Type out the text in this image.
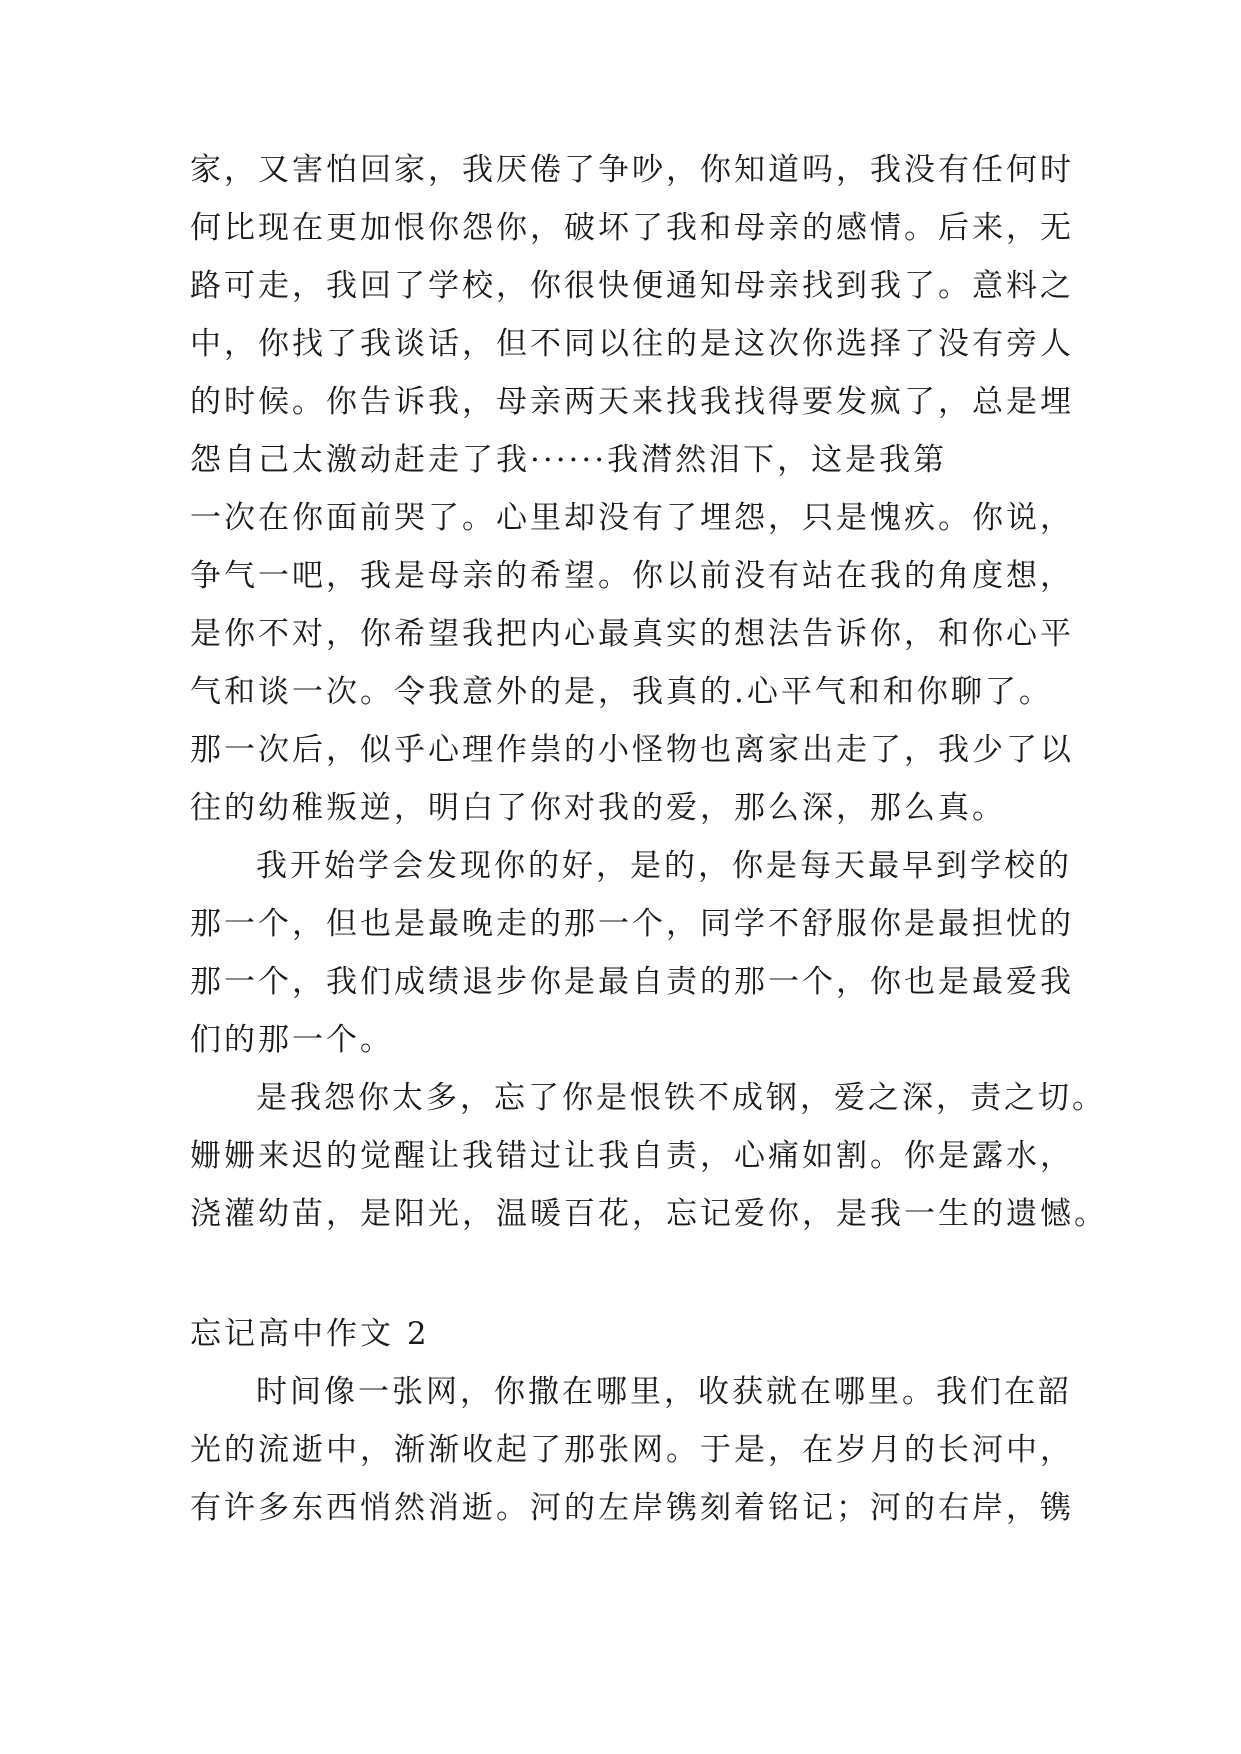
家，又害怕回家，我厌倦了争吵，你知道吗，我没有任何时
何比现在更加恨你怨你，破坏了我和母亲的感情。后来，无
路可走，我回了学校，你很快便通知母亲找到我了。意料之
中，你找了我谈话，但不同以往的是这次你选择了没有旁人
的时候。你告诉我，母亲两天来找我找得要发疯了，总是埋
怨自己太激动赶走了我······我潸然泪下，这是我第
一次在你面前哭了。心里却没有了埋怨，只是愧疚。你说，
争气一吧，我是母亲的希望。你以前没有站在我的角度想，
是你不对，你希望我把内心最真实的想法告诉你，和你心平
气和谈一次。令我意外的是，我真的.心平气和和你聊了。
那一次后，似乎心理作祟的小怪物也离家出走了，我少了以
往的幼稚叛逆，明白了你对我的爱，那么深，那么真。
我开始学会发现你的好，是的，你是每天最早到学校的
那一个，但也是最晚走的那一个，同学不舒服你是最担忧的
那一个，我们成绩退步你是最自责的那一个，你也是最爱我
们的那一个。
是我怨你太多，忘了你是恨铁不成钢，爱之深，责之切。
姗姗来迟的觉醒让我错过让我自责，心痛如割。你是露水，
浇灌幼苗，是阳光，温暖百花，忘记爱你，是我一生的遗憾。
忘记高中作文 2
时间像一张网，你撒在哪里，收获就在哪里。我们在韶
光的流逝中，渐渐收起了那张网。于是，在岁月的长河中，
有许多东西悄然消逝。河的左岸镌刻着铭记；河的右岸，镌
